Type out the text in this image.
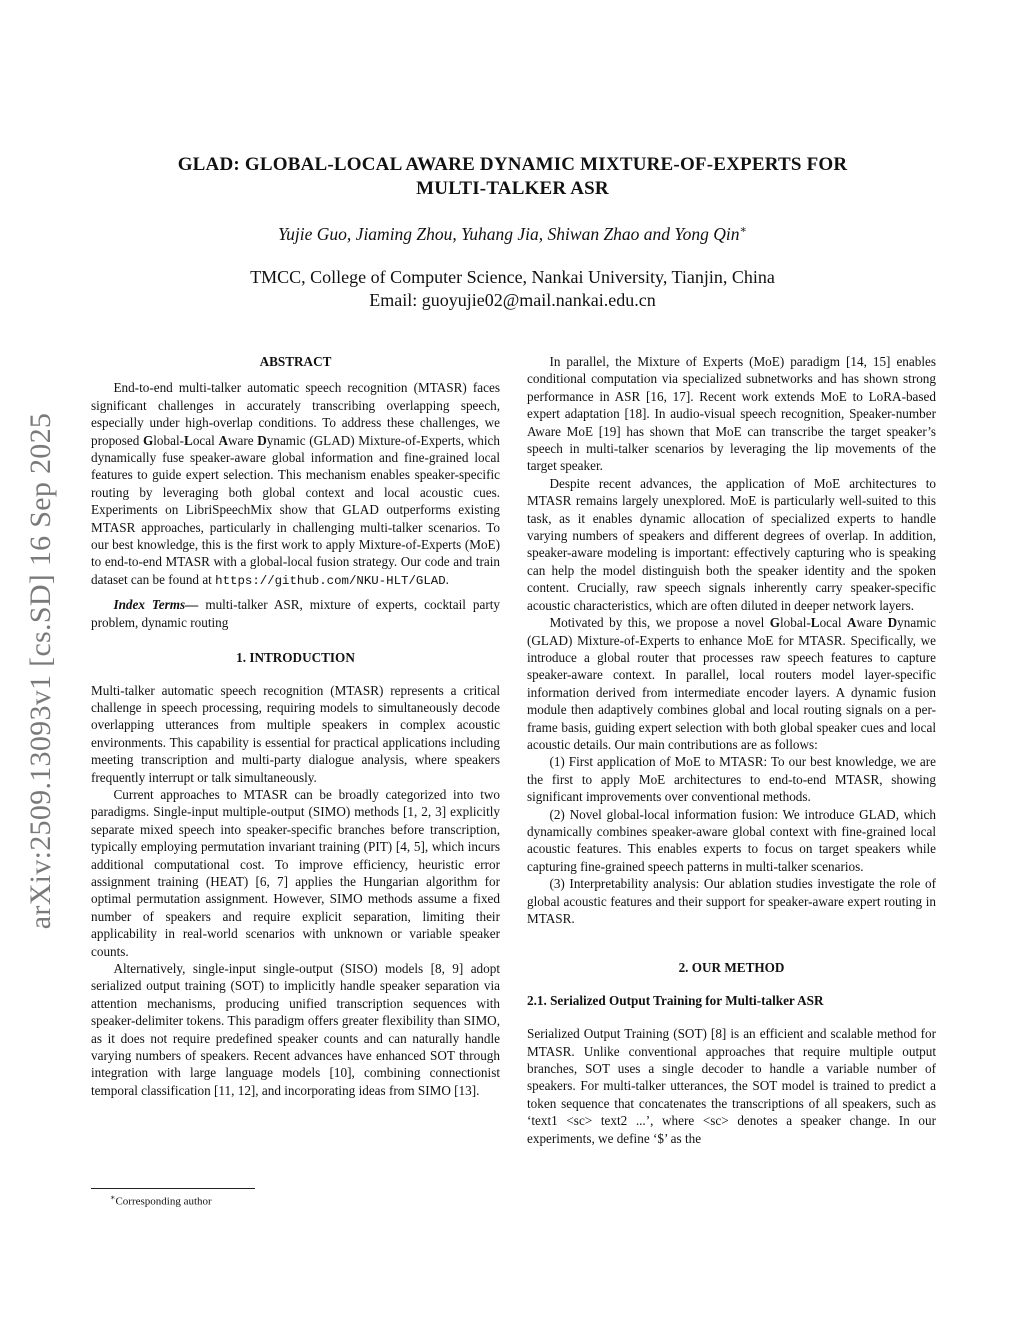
arXiv:2509.13093v1 [cs.SD] 16 Sep 2025
GLAD: GLOBAL-LOCAL AWARE DYNAMIC MIXTURE-OF-EXPERTS FOR
MULTI-TALKER ASR
Yujie Guo, Jiaming Zhou, Yuhang Jia, Shiwan Zhao and Yong Qin∗
TMCC, College of Computer Science, Nankai University, Tianjin, China
Email: guoyujie02@mail.nankai.edu.cn
ABSTRACT

End-to-end multi-talker automatic speech recognition (MTASR) faces significant challenges in accurately transcribing overlapping speech, especially under high-overlap conditions. To address these challenges, we proposed Global-Local Aware Dynamic (GLAD) Mixture-of-Experts, which dynamically fuse speaker-aware global information and fine-grained local features to guide expert selection. This mechanism enables speaker-specific routing by leveraging both global context and local acoustic cues. Experiments on LibriSpeechMix show that GLAD outperforms existing MTASR approaches, particularly in challenging multi-talker scenarios. To our best knowledge, this is the first work to apply Mixture-of-Experts (MoE) to end-to-end MTASR with a global-local fusion strategy. Our code and train dataset can be found at https://github.com/NKU-HLT/GLAD.

Index Terms— multi-talker ASR, mixture of experts, cocktail party problem, dynamic routing

1. INTRODUCTION

Multi-talker automatic speech recognition (MTASR) represents a critical challenge in speech processing, requiring models to simultaneously decode overlapping utterances from multiple speakers in complex acoustic environments. This capability is essential for practical applications including meeting transcription and multi-party dialogue analysis, where speakers frequently interrupt or talk simultaneously.

Current approaches to MTASR can be broadly categorized into two paradigms. Single-input multiple-output (SIMO) methods [1, 2, 3] explicitly separate mixed speech into speaker-specific branches before transcription, typically employing permutation invariant training (PIT) [4, 5], which incurs additional computational cost. To improve efficiency, heuristic error assignment training (HEAT) [6, 7] applies the Hungarian algorithm for optimal permutation assignment. However, SIMO methods assume a fixed number of speakers and require explicit separation, limiting their applicability in real-world scenarios with unknown or variable speaker counts.

Alternatively, single-input single-output (SISO) models [8, 9] adopt serialized output training (SOT) to implicitly handle speaker separation via attention mechanisms, producing unified transcription sequences with speaker-delimiter tokens. This paradigm offers greater flexibility than SIMO, as it does not require predefined speaker counts and can naturally handle varying numbers of speakers. Recent advances have enhanced SOT through integration with large language models [10], combining connectionist temporal classification [11, 12], and incorporating ideas from SIMO [13].

In parallel, the Mixture of Experts (MoE) paradigm [14, 15] enables conditional computation via specialized subnetworks and has shown strong performance in ASR [16, 17]. Recent work extends MoE to LoRA-based expert adaptation [18]. In audio-visual speech recognition, Speaker-number Aware MoE [19] has shown that MoE can transcribe the target speaker’s speech in multi-talker scenarios by leveraging the lip movements of the target speaker.

Despite recent advances, the application of MoE architectures to MTASR remains largely unexplored. MoE is particularly well-suited to this task, as it enables dynamic allocation of specialized experts to handle varying numbers of speakers and different degrees of overlap. In addition, speaker-aware modeling is important: effectively capturing who is speaking can help the model distinguish both the speaker identity and the spoken content. Crucially, raw speech signals inherently carry speaker-specific acoustic characteristics, which are often diluted in deeper network layers.

Motivated by this, we propose a novel Global-Local Aware Dynamic (GLAD) Mixture-of-Experts to enhance MoE for MTASR. Specifically, we introduce a global router that processes raw speech features to capture speaker-aware context. In parallel, local routers model layer-specific information derived from intermediate encoder layers. A dynamic fusion module then adaptively combines global and local routing signals on a per-frame basis, guiding expert selection with both global speaker cues and local acoustic details. Our main contributions are as follows:

(1) First application of MoE to MTASR: To our best knowledge, we are the first to apply MoE architectures to end-to-end MTASR, showing significant improvements over conventional methods.

(2) Novel global-local information fusion: We introduce GLAD, which dynamically combines speaker-aware global context with fine-grained local acoustic features. This enables experts to focus on target speakers while capturing fine-grained speech patterns in multi-talker scenarios.

(3) Interpretability analysis: Our ablation studies investigate the role of global acoustic features and their support for speaker-aware expert routing in MTASR.

2. OUR METHOD
2.1. Serialized Output Training for Multi-talker ASR

Serialized Output Training (SOT) [8] is an efficient and scalable method for MTASR. Unlike conventional approaches that require multiple output branches, SOT uses a single decoder to handle a variable number of speakers. For multi-talker utterances, the SOT model is trained to predict a token sequence that concatenates the transcriptions of all speakers, such as ‘text1 <sc> text2 ...’, where <sc> denotes a speaker change. In our experiments, we define ‘$’ as the

∗Corresponding author
